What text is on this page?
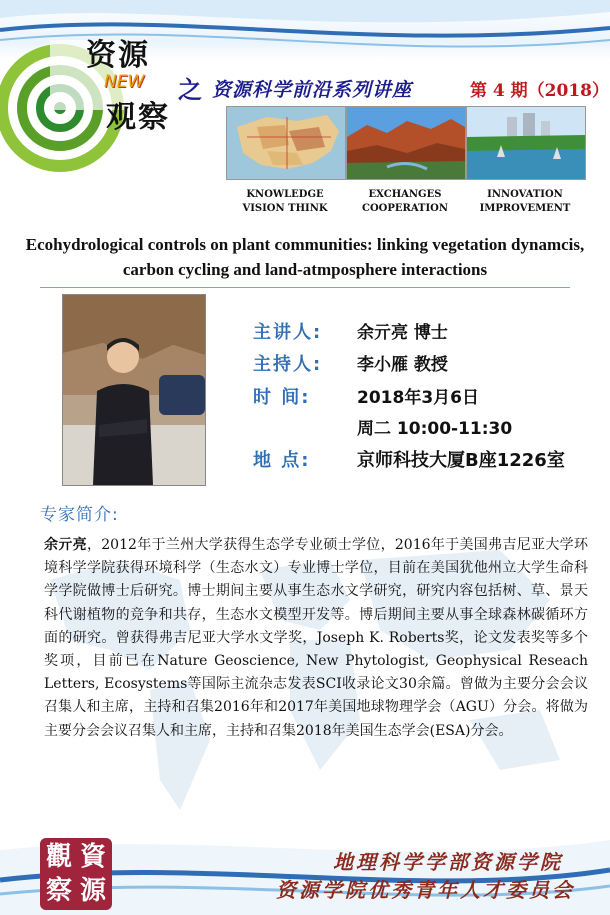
资源
NEW
观察
之 资源科学前沿系列讲座	第 4 期（2018）
KNOWLEDGE
VISION THINK
EXCHANGES
COOPERATION
INNOVATION
IMPROVEMENT
Ecohydrological controls on plant communities: linking vegetation dynamcis, carbon cycling and land-atmposphere interactions
主讲人: 余亓亮 博士
主持人: 李小雁 教授
时 间:	2018年3月6日
周二 10:00-11:30
地 点:	京师科技大厦B座1226室
专家简介:
余亓亮，2012年于兰州大学获得生态学专业硕士学位，2016年于美国弗吉尼亚大学环境科学学院获得环境科学（生态水文）专业博士学位，目前在美国犹他州立大学生命科学学院做博士后研究。博士期间主要从事生态水文学研究，研究内容包括树、草、景天科代谢植物的竞争和共存，生态水文模型开发等。博后期间主要从事全球森林碳循环方面的研究。曾获得弗吉尼亚大学水文学奖，Joseph K. Roberts奖，论文发表奖等多个奖项，目前已在Nature Geoscience, New Phytologist, Geophysical Reseach Letters, Ecosystems等国际主流杂志发表SCI收录论文30余篇。曾做为主要分会会议召集人和主席，主持和召集2016年和2017年美国地球物理学会（AGU）分会。将做为主要分会会议召集人和主席，主持和召集2018年美国生态学会(ESA)分会。
觀 資
察 源
地理科学学部资源学院
资源学院优秀青年人才委员会
